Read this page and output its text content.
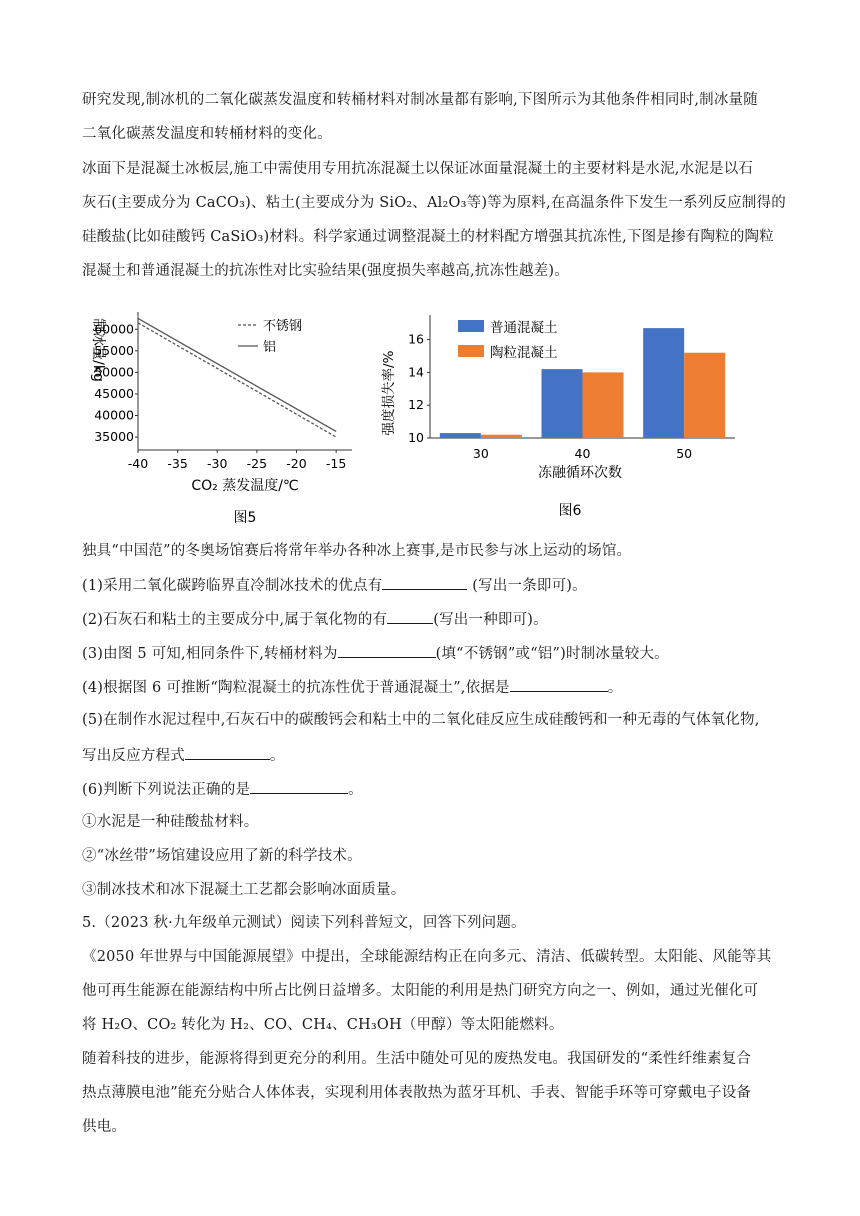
研究发现,制冰机的二氧化碳蒸发温度和转桶材料对制冰量都有影响,下图所示为其他条件相同时,制冰量随
二氧化碳蒸发温度和转桶材料的变化。
冰面下是混凝土冰板层,施工中需使用专用抗冻混凝土以保证冰面量混凝土的主要材料是水泥,水泥是以石
灰石(主要成分为 CaCO₃)、粘土(主要成分为 SiO₂、Al₂O₃等)等为原料,在高温条件下发生一系列反应制得的
硅酸盐(比如硅酸钙 CaSiO₃)材料。科学家通过调整混凝土的材料配方增强其抗冻性,下图是掺有陶粒的陶粒
混凝土和普通混凝土的抗冻性对比实验结果(强度损失率越高,抗冻性越差)。
35000
40000
45000
50000
55000
60000
-40 -35 -30 -25 -20 -15
不锈钢
铝
制冰量/kg
CO₂ 蒸发温度/℃
图5
10
12
14
16
30	40	50
普通混凝土
陶粒混凝土
强度损失率/%
冻融循环次数
图6
独具“中国范”的冬奥场馆赛后将常年举办各种冰上赛事,是市民参与冰上运动的场馆。
(1)采用二氧化碳跨临界直冷制冰技术的优点有	(写出一条即可)。
(2)石灰石和粘土的主要成分中,属于氧化物的有	(写出一种即可)。
(3)由图 5 可知,相同条件下,转桶材料为	(填“不锈钢”或“铝”)时制冰量较大。
(4)根据图 6 可推断“陶粒混凝土的抗冻性优于普通混凝土”,依据是	。
(5)在制作水泥过程中,石灰石中的碳酸钙会和粘土中的二氧化硅反应生成硅酸钙和一种无毒的气体氧化物,
写出反应方程式	。
(6)判断下列说法正确的是	。
①水泥是一种硅酸盐材料。
②“冰丝带”场馆建设应用了新的科学技术。
③制冰技术和冰下混凝土工艺都会影响冰面质量。
5.（2023 秋·九年级单元测试）阅读下列科普短文，回答下列问题。
《2050 年世界与中国能源展望》中提出，全球能源结构正在向多元、清洁、低碳转型。太阳能、风能等其
他可再生能源在能源结构中所占比例日益增多。太阳能的利用是热门研究方向之一、例如，通过光催化可
将 H₂O、CO₂ 转化为 H₂、CO、CH₄、CH₃OH（甲醇）等太阳能燃料。
随着科技的进步，能源将得到更充分的利用。生活中随处可见的废热发电。我国研发的“柔性纤维素复合
热点薄膜电池”能充分贴合人体体表，实现利用体表散热为蓝牙耳机、手表、智能手环等可穿戴电子设备
供电。
